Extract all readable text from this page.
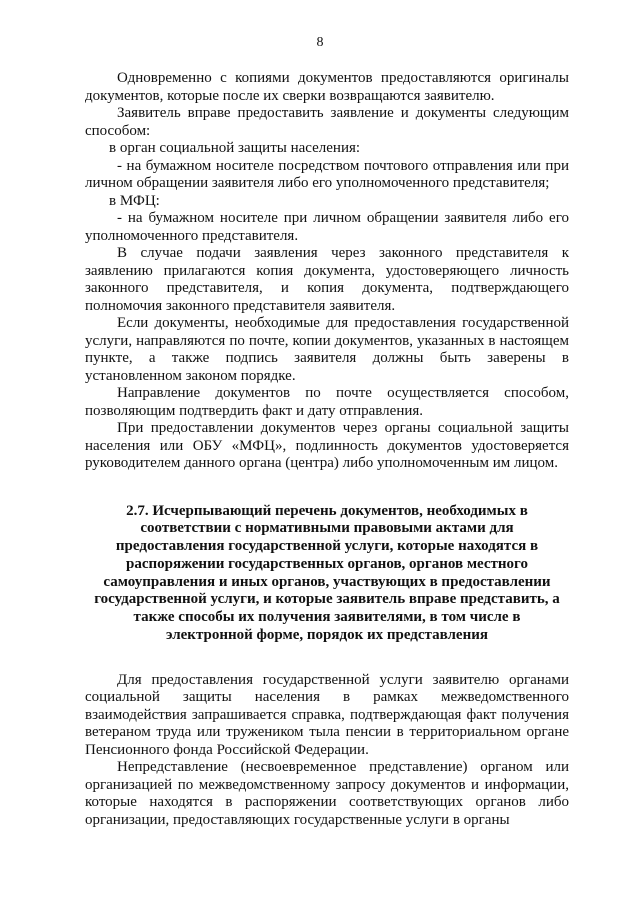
8

Одновременно с копиями документов предоставляются оригиналы документов, которые после их сверки возвращаются заявителю.

Заявитель вправе предоставить заявление и документы следующим способом:

в орган социальной защиты населения:

- на бумажном носителе посредством почтового отправления или при личном обращении заявителя либо его уполномоченного представителя;

в МФЦ:

- на бумажном носителе при личном обращении заявителя либо его уполномоченного представителя.

В случае подачи заявления через законного представителя к заявлению прилагаются копия документа, удостоверяющего личность законного представителя, и копия документа, подтверждающего полномочия законного представителя заявителя.

Если документы, необходимые для предоставления государственной услуги, направляются по почте, копии документов, указанных в настоящем пункте, а также подпись заявителя должны быть заверены в установленном законом порядке.

Направление документов по почте осуществляется способом, позволяющим подтвердить факт и дату отправления.

При предоставлении документов через органы социальной защиты населения или ОБУ «МФЦ», подлинность документов удостоверяется руководителем данного органа (центра) либо уполномоченным им лицом.

2.7. Исчерпывающий перечень документов, необходимых в соответствии с нормативными правовыми актами для предоставления государственной услуги, которые находятся в распоряжении государственных органов, органов местного самоуправления и иных органов, участвующих в предоставлении государственной услуги, и которые заявитель вправе представить, а также способы их получения заявителями, в том числе в электронной форме, порядок их представления

Для предоставления государственной услуги заявителю органами социальной защиты населения в рамках межведомственного взаимодействия запрашивается справка, подтверждающая факт получения ветераном труда или тружеником тыла пенсии в территориальном органе Пенсионного фонда Российской Федерации.

Непредставление (несвоевременное представление) органом или организацией по межведомственному запросу документов и информации, которые находятся в распоряжении соответствующих органов либо организации, предоставляющих государственные услуги в органы
